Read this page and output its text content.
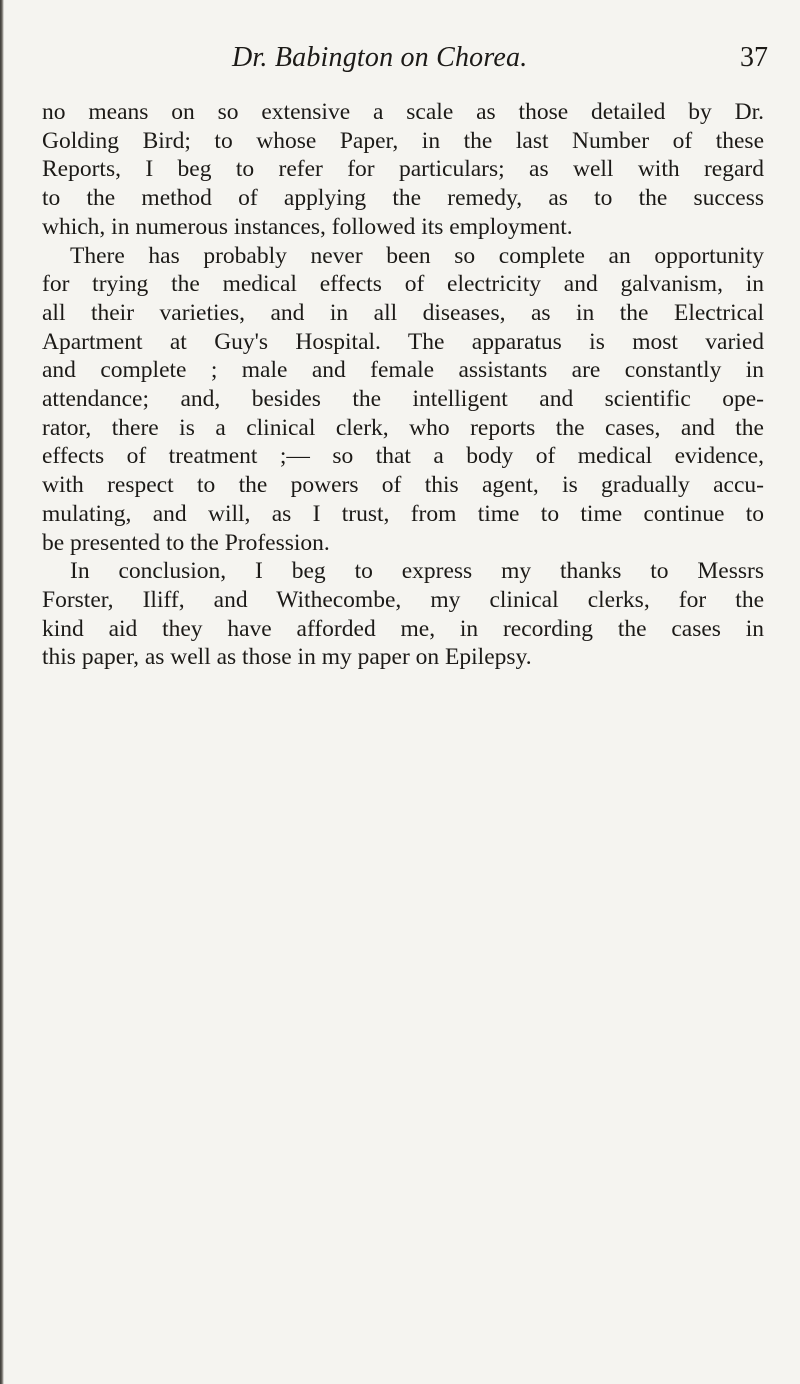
Dr. Babington on Chorea.	37
no means on so extensive a scale as those detailed by Dr.
Golding Bird; to whose Paper, in the last Number of these
Reports, I beg to refer for particulars; as well with regard
to the method of applying the remedy, as to the success
which, in numerous instances, followed its employment.
There has probably never been so complete an opportunity
for trying the medical effects of electricity and galvanism, in
all their varieties, and in all diseases, as in the Electrical
Apartment at Guy's Hospital. The apparatus is most varied
and complete ; male and female assistants are constantly in
attendance; and, besides the intelligent and scientific ope-
rator, there is a clinical clerk, who reports the cases, and the
effects of treatment ;— so that a body of medical evidence,
with respect to the powers of this agent, is gradually accu-
mulating, and will, as I trust, from time to time continue to
be presented to the Profession.
In conclusion, I beg to express my thanks to Messrs
Forster, Iliff, and Withecombe, my clinical clerks, for the
kind aid they have afforded me, in recording the cases in
this paper, as well as those in my paper on Epilepsy.
